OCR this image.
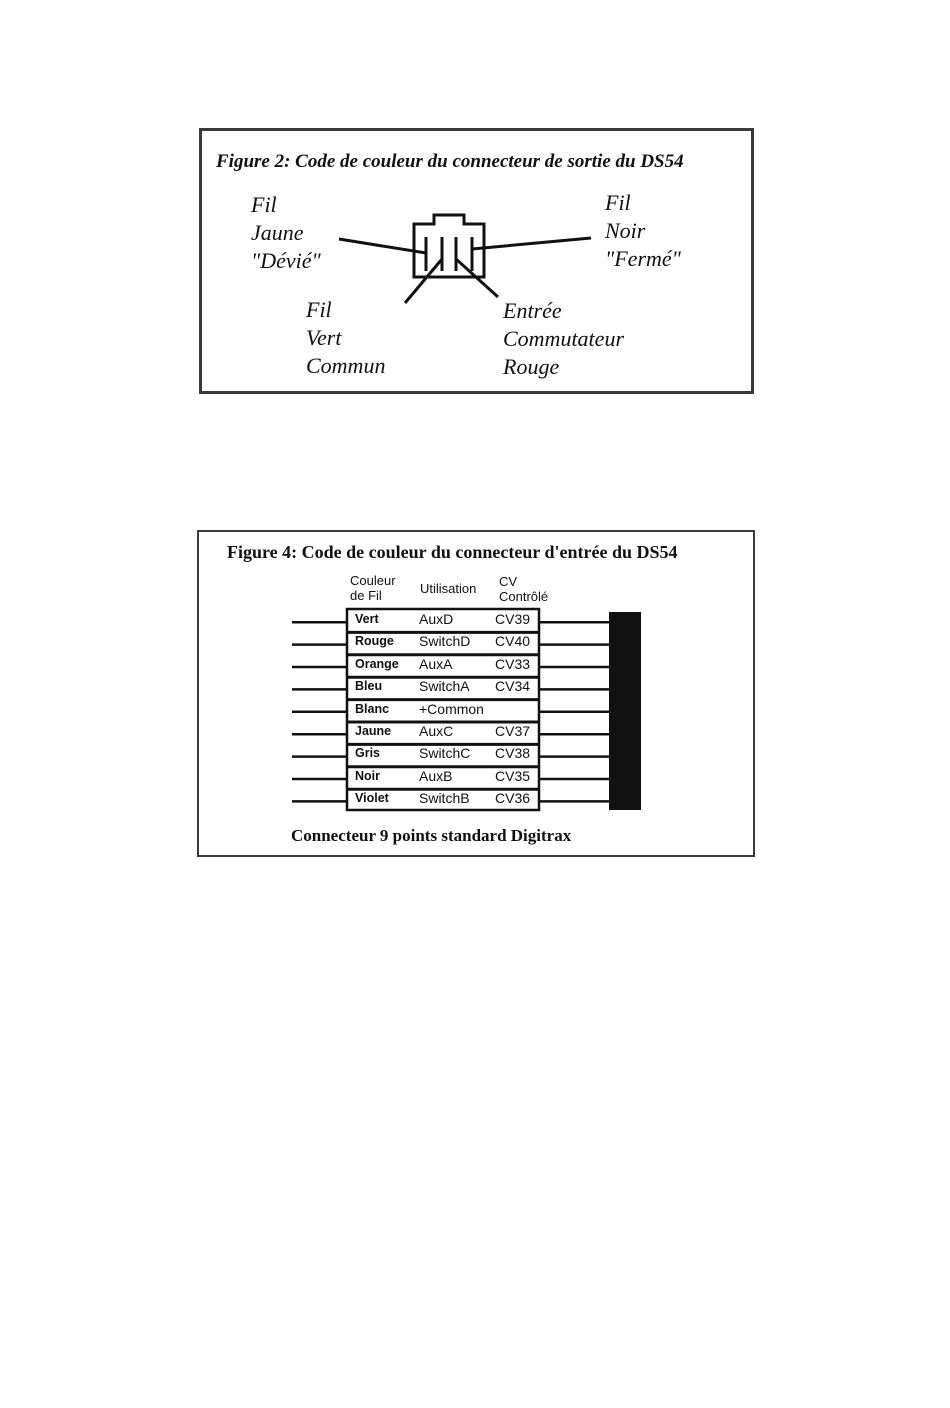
Figure 2: Code de couleur du connecteur de sortie du DS54
Fil
Jaune
"Dévié"
Fil
Noir
"Fermé"
Fil
Vert
Commun
Entrée
Commutateur
Rouge
Figure 4: Code de couleur du connecteur d'entrée du DS54
Couleur
de Fil	Utilisation CV
Contrôlé
Vert	AuxD	CV39
Rouge SwitchD CV40
Orange AuxA	CV33
Bleu	SwitchA CV34
Blanc +Common
Jaune AuxC	CV37
Gris	SwitchC CV38
Noir	AuxB	CV35
Violet SwitchB CV36
Connecteur 9 points standard Digitrax
